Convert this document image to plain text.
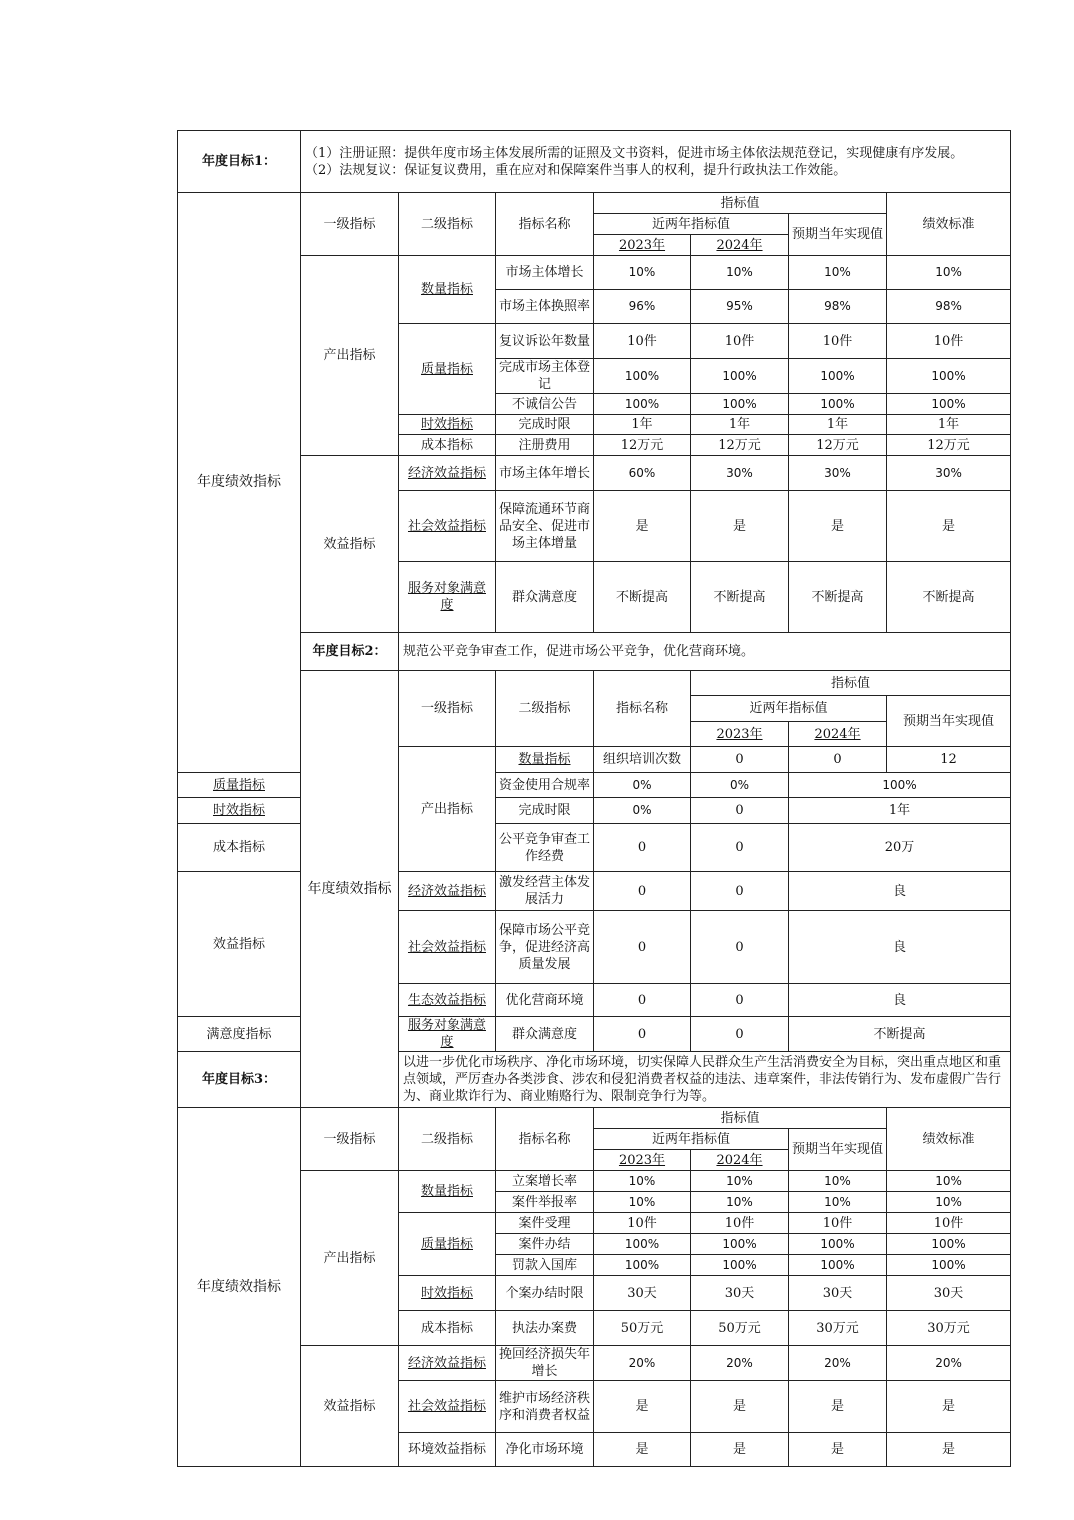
年度目标1：	（1）注册证照：提供年度市场主体发展所需的证照及文书资料，促进市场主体依法规范登记，实现健康有序发展。
（2）法规复议：保证复议费用，重在应对和保障案件当事人的权利，提升行政执法工作效能。							

年度绩效指标	一级指标	二级指标	指标名称	指标值			绩效标准	
				近两年指标值		预期当年实现值		
				2023年	2024年			
	产出指标	数量指标	市场主体增长	10%	10%	10%	10%	
			市场主体换照率	96%	95%	98%	98%	
		质量指标	复议诉讼年数量	10件	10件	10件	10件	
			完成市场主体登记	100%	100%	100%	100%	
			不诚信公告	100%	100%	100%	100%	
		时效指标	完成时限	1年	1年	1年	1年	
		成本指标	注册费用	12万元	12万元	12万元	12万元	
	效益指标	经济效益指标	市场主体年增长	60%	30%	30%	30%	
		社会效益指标	保障流通环节商品安全、促进市场主体增量	是	是	是	是	
		服务对象满意度	群众满意度	不断提高	不断提高	不断提高	不断提高	
	年度目标2：	规范公平竞争审查工作，促进市场公平竞争，优化营商环境。						
	年度绩效指标	一级指标	二级指标	指标名称	指标值	
					近两年指标值		预期当年实现值	
					2023年	2024年		
		产出指标	数量指标	组织培训次数	0	0	12	
质量指标			资金使用合规率	0%	0%	100%		
时效指标			完成时限	0%	0	1年		
成本指标			公平竞争审查工作经费	0	0	20万		
效益指标		经济效益指标	激发经营主体发展活力	0	0	良		
		社会效益指标	保障市场公平竞争，促进经济高质量发展	0	0	良		
		生态效益指标	优化营商环境	0	0	良		
满意度指标		服务对象满意度	群众满意度	0	0	不断提高		
年度目标3：		以进一步优化市场秩序、净化市场环境，切实保障人民群众生产生活消费安全为目标，突出重点地区和重点领域，严厉查办各类涉食、涉农和侵犯消费者权益的违法、违章案件，非法传销行为、发布虚假广告行为、商业欺诈行为、商业贿赂行为、限制竞争行为等。						
年度绩效指标	一级指标	二级指标	指标名称	指标值			绩效标准	
				近两年指标值		预期当年实现值		
				2023年	2024年			
	产出指标	数量指标	立案增长率	10%	10%	10%	10%	
			案件举报率	10%	10%	10%	10%	
		质量指标	案件受理	10件	10件	10件	10件	
			案件办结	100%	100%	100%	100%	
			罚款入国库	100%	100%	100%	100%	
		时效指标	个案办结时限	30天	30天	30天	30天	
		成本指标	执法办案费	50万元	50万元	30万元	30万元	
	效益指标	经济效益指标	挽回经济损失年增长	20%	20%	20%	20%	
		社会效益指标	维护市场经济秩序和消费者权益	是	是	是	是	
		环境效益指标	净化市场环境	是	是	是	是	
